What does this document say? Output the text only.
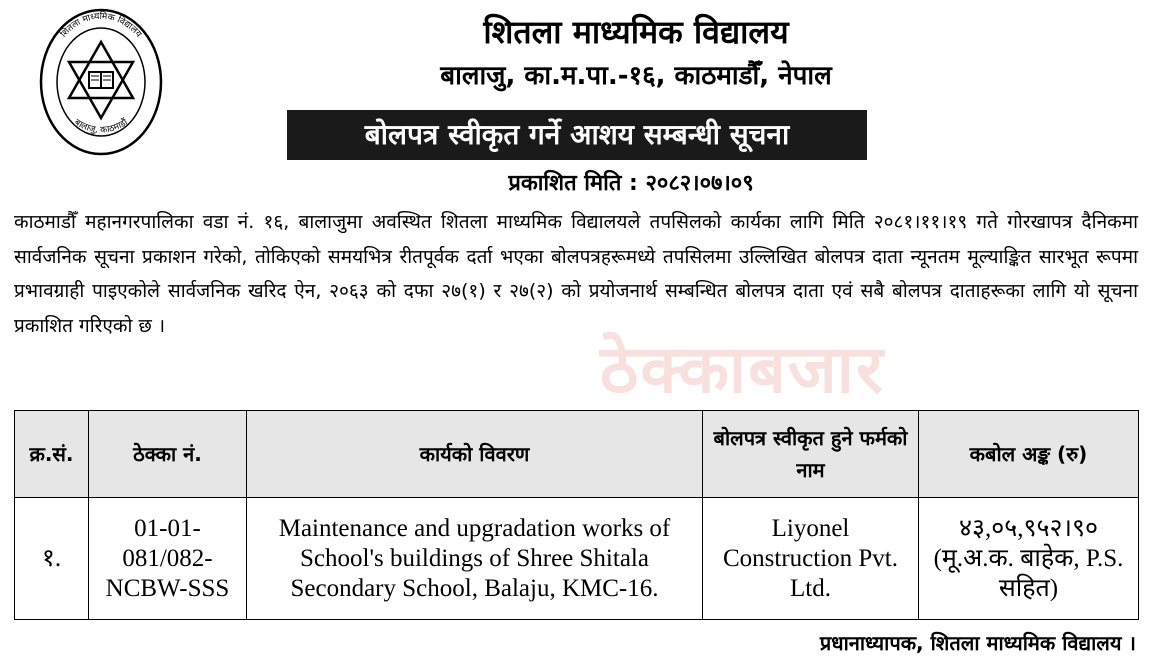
शितला माध्यमिक विद्यालय
बालाजु, काठमाडौं
शितला माध्यमिक विद्यालय
बालाजु, का.म.पा.-१६, काठमाडौँ, नेपाल
बोलपत्र स्वीकृत गर्ने आशय सम्बन्धी सूचना
प्रकाशित मिति : २०८२।०७।०९
ठेक्काबजार

काठमाडौँ महानगरपालिका वडा नं. १६, बालाजुमा अवस्थित शितला माध्यमिक विद्यालयले तपसिलको कार्यका लागि मिति २०८१।११।१९ गते गोरखापत्र दैनिकमा सार्वजनिक सूचना प्रकाशन गरेको, तोकिएको समयभित्र रीतपूर्वक दर्ता भएका बोलपत्रहरूमध्ये तपसिलमा उल्लिखित बोलपत्र दाता न्यूनतम मूल्याङ्कित सारभूत रूपमा प्रभावग्राही पाइएकोले सार्वजनिक खरिद ऐन, २०६३ को दफा २७(१) र २७(२) को प्रयोजनार्थ सम्बन्धित बोलपत्र दाता एवं सबै बोलपत्र दाताहरूका लागि यो सूचना प्रकाशित गरिएको छ ।

क्र.सं.	ठेक्का नं.	कार्यको विवरण	बोलपत्र स्वीकृत हुने फर्मको नाम	कबोल अङ्क (रु)
१.	01-01-081/082-NCBW-SSS	Maintenance and upgradation works of School's buildings of Shree Shitala Secondary School, Balaju, KMC-16.	Liyonel Construction Pvt. Ltd.	४३,०५,९५२।९०
(मू.अ.क. बाहेक, P.S. सहित)
प्रधानाध्यापक, शितला माध्यमिक विद्यालय ।
